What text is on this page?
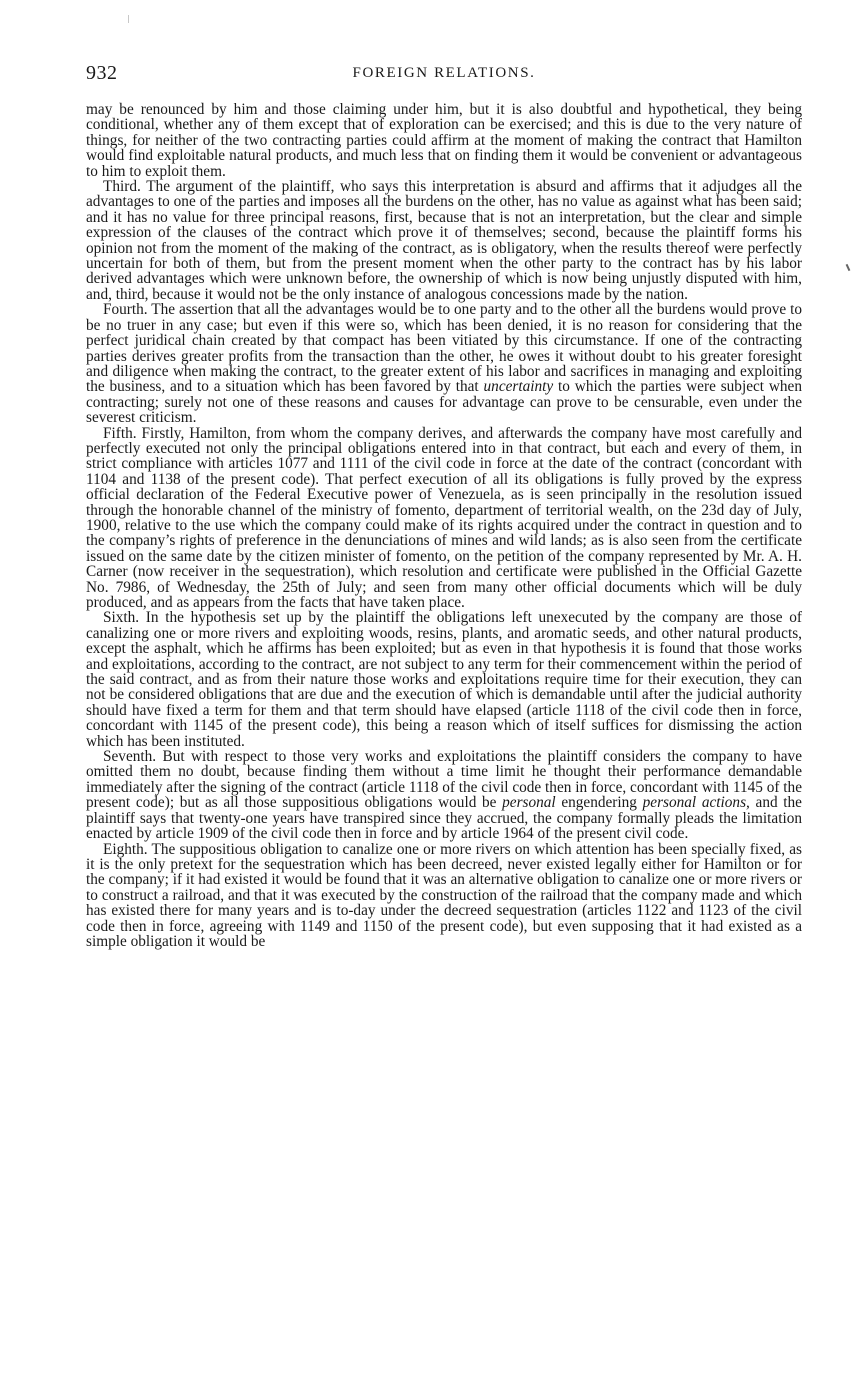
932	FOREIGN RELATIONS.

may be renounced by him and those claiming under him, but it is also doubtful and hypothetical, they being conditional, whether any of them except that of exploration can be exercised; and this is due to the very nature of things, for neither of the two contracting parties could affirm at the moment of making the contract that Hamilton would find exploitable natural products, and much less that on finding them it would be convenient or advantageous to him to exploit them.

Third. The argument of the plaintiff, who says this interpretation is absurd and affirms that it adjudges all the advantages to one of the parties and imposes all the burdens on the other, has no value as against what has been said; and it has no value for three principal reasons, first, because that is not an interpretation, but the clear and simple expression of the clauses of the contract which prove it of themselves; second, because the plaintiff forms his opinion not from the moment of the making of the contract, as is obligatory, when the results thereof were perfectly uncertain for both of them, but from the present moment when the other party to the contract has by his labor derived advantages which were unknown before, the ownership of which is now being unjustly disputed with him, and, third, because it would not be the only instance of analogous concessions made by the nation.

Fourth. The assertion that all the advantages would be to one party and to the other all the burdens would prove to be no truer in any case; but even if this were so, which has been denied, it is no reason for considering that the perfect juridical chain created by that compact has been vitiated by this circumstance. If one of the contracting parties derives greater profits from the transaction than the other, he owes it without doubt to his greater foresight and diligence when making the contract, to the greater extent of his labor and sacrifices in managing and exploiting the business, and to a situation which has been favored by that uncertainty to which the parties were subject when contracting; surely not one of these reasons and causes for advantage can prove to be censurable, even under the severest criticism.

Fifth. Firstly, Hamilton, from whom the company derives, and afterwards the company have most carefully and perfectly executed not only the principal obligations entered into in that contract, but each and every of them, in strict compliance with articles 1077 and 1111 of the civil code in force at the date of the contract (concordant with 1104 and 1138 of the present code). That perfect execution of all its obligations is fully proved by the express official declaration of the Federal Executive power of Venezuela, as is seen principally in the resolution issued through the honorable channel of the ministry of fomento, department of territorial wealth, on the 23d day of July, 1900, relative to the use which the company could make of its rights acquired under the contract in question and to the company’s rights of preference in the denunciations of mines and wild lands; as is also seen from the certificate issued on the same date by the citizen minister of fomento, on the petition of the company represented by Mr. A. H. Carner (now receiver in the sequestration), which resolution and certificate were published in the Official Gazette No. 7986, of Wednesday, the 25th of July; and seen from many other official documents which will be duly produced, and as appears from the facts that have taken place.

Sixth. In the hypothesis set up by the plaintiff the obligations left unexecuted by the company are those of canalizing one or more rivers and exploiting woods, resins, plants, and aromatic seeds, and other natural products, except the asphalt, which he affirms has been exploited; but as even in that hypothesis it is found that those works and exploitations, according to the contract, are not subject to any term for their commencement within the period of the said contract, and as from their nature those works and exploitations require time for their execution, they can not be considered obligations that are due and the execution of which is demandable until after the judicial authority should have fixed a term for them and that term should have elapsed (article 1118 of the civil code then in force, concordant with 1145 of the present code), this being a reason which of itself suffices for dismissing the action which has been instituted.

Seventh. But with respect to those very works and exploitations the plaintiff considers the company to have omitted them no doubt, because finding them without a time limit he thought their performance demandable immediately after the signing of the contract (article 1118 of the civil code then in force, concordant with 1145 of the present code); but as all those suppositious obligations would be personal engendering personal actions, and the plaintiff says that twenty-one years have transpired since they accrued, the company formally pleads the limitation enacted by article 1909 of the civil code then in force and by article 1964 of the present civil code.

Eighth. The suppositious obligation to canalize one or more rivers on which attention has been specially fixed, as it is the only pretext for the sequestration which has been decreed, never existed legally either for Hamilton or for the company; if it had existed it would be found that it was an alternative obligation to canalize one or more rivers or to construct a railroad, and that it was executed by the construction of the railroad that the company made and which has existed there for many years and is to-day under the decreed sequestration (articles 1122 and 1123 of the civil code then in force, agreeing with 1149 and 1150 of the present code), but even supposing that it had existed as a simple obligation it would be
